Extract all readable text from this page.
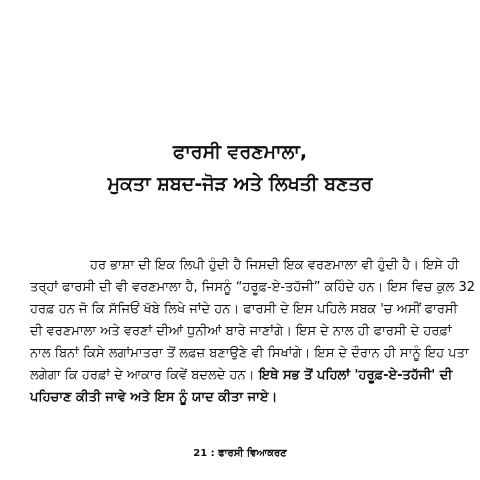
ਫਾਰਸੀ ਵਰਣਮਾਲਾ,
ਮੁਕਤਾ ਸ਼ਬਦ-ਜੋੜ ਅਤੇ ਲਿਖਤੀ ਬਣਤਰ
ਹਰ ਭਾਸ਼ਾ ਦੀ ਇਕ ਲਿਪੀ ਹੁੰਦੀ ਹੈ ਜਿਸਦੀ ਇਕ ਵਰਣਮਾਲਾ ਵੀ ਹੁੰਦੀ ਹੈ। ਇਸੇ ਹੀ
ਤਰ੍ਹਾਂ ਫਾਰਸੀ ਦੀ ਵੀ ਵਰਣਮਾਲਾ ਹੈ, ਜਿਸਨੂੰ “ਹਰੂਫ਼-ਏ-ਤਹੱਜੀ” ਕਹਿੰਦੇ ਹਨ। ਇਸ ਵਿਚ ਕੁਲ 32
ਹਰਫ਼ ਹਨ ਜੋ ਕਿ ਸੱਜਿਓਂ ਖੱਬੇ ਲਿਖੇ ਜਾਂਦੇ ਹਨ। ਫਾਰਸੀ ਦੇ ਇਸ ਪਹਿਲੇ ਸਬਕ 'ਚ ਅਸੀਂ ਫਾਰਸੀ
ਦੀ ਵਰਣਮਾਲਾ ਅਤੇ ਵਰਣਾਂ ਦੀਆਂ ਧੁਨੀਆਂ ਬਾਰੇ ਜਾਣਾਂਗੇ। ਇਸ ਦੇ ਨਾਲ ਹੀ ਫਾਰਸੀ ਦੇ ਹਰਫ਼ਾਂ
ਨਾਲ ਬਿਨਾਂ ਕਿਸੇ ਲਗਾਂਮਾਤਰਾ ਤੋਂ ਲਫ਼ਜ਼ ਬਣਾਉਣੇ ਵੀ ਸਿਖਾਂਗੇ। ਇਸ ਦੇ ਦੌਰਾਨ ਹੀ ਸਾਨੂੰ ਇਹ ਪਤਾ
ਲਗੇਗਾ ਕਿ ਹਰਫ਼ਾਂ ਦੇ ਆਕਾਰ ਕਿਵੇਂ ਬਦਲਦੇ ਹਨ। ਇਥੇ ਸਭ ਤੋਂ ਪਹਿਲਾਂ 'ਹਰੂਫ਼-ਏ-ਤਹੱਜੀ' ਦੀ
ਪਹਿਚਾਣ ਕੀਤੀ ਜਾਵੇ ਅਤੇ ਇਸ ਨੂੰ ਯਾਦ ਕੀਤਾ ਜਾਏ।
21 : ਫਾਰਸੀ ਵਿਆਕਰਣ
